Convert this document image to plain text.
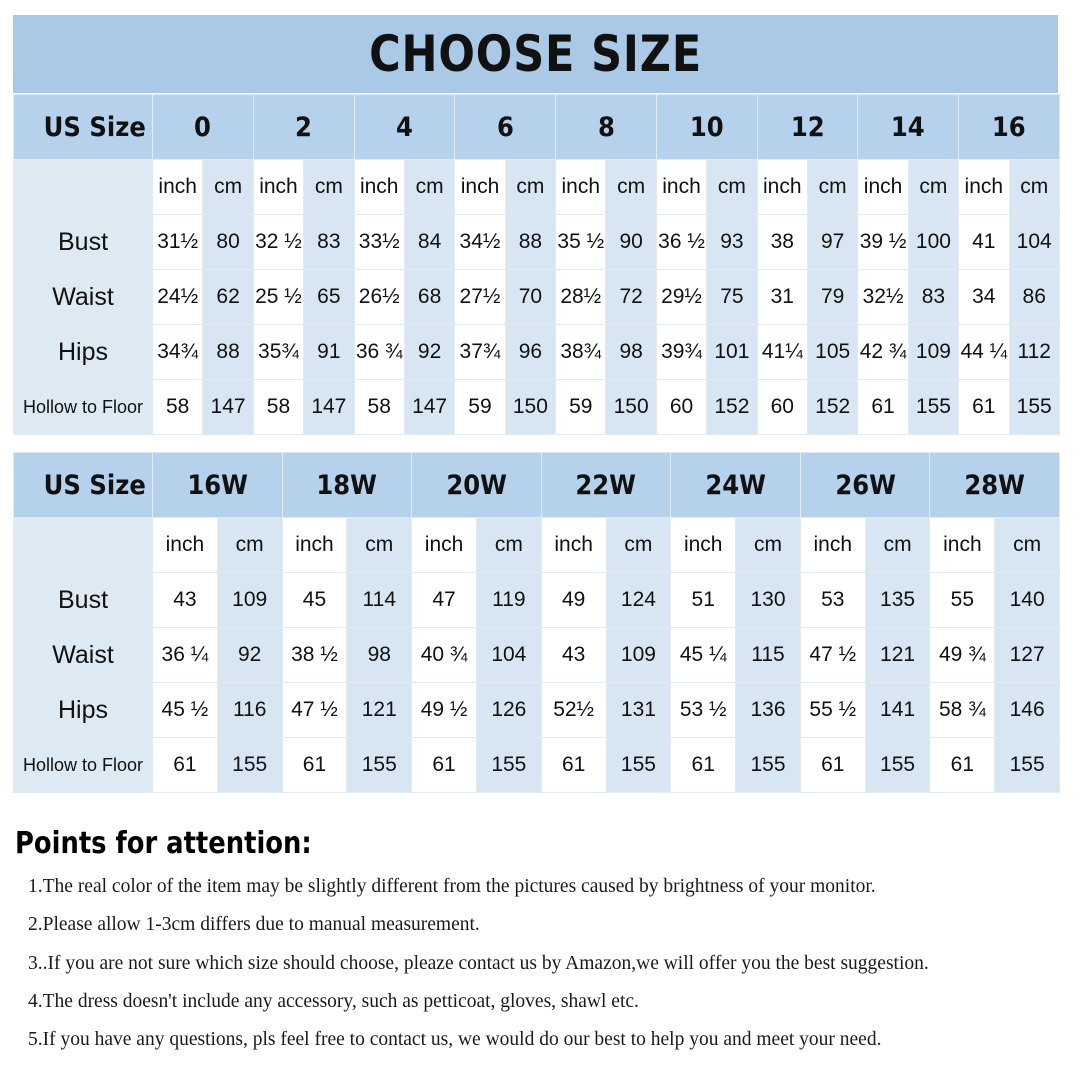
CHOOSE SIZE
US Size	0		2		4		6		8		10		12		14		16	
	inch	cm	inch	cm	inch	cm	inch	cm	inch	cm	inch	cm	inch	cm	inch	cm	inch	cm
Bust	31½	80	32 ½	83	33½	84	34½	88	35 ½	90	36 ½	93	38	97	39 ½	100	41	104
Waist	24½	62	25 ½	65	26½	68	27½	70	28½	72	29½	75	31	79	32½	83	34	86
Hips	34¾	88	35¾	91	36 ¾	92	37¾	96	38¾	98	39¾	101	41¼	105	42 ¾	109	44 ¼	112
Hollow to Floor	58	147	58	147	58	147	59	150	59	150	60	152	60	152	61	155	61	155
US Size	16W		18W		20W		22W		24W		26W		28W	
	inch	cm	inch	cm	inch	cm	inch	cm	inch	cm	inch	cm	inch	cm
Bust	43	109	45	114	47	119	49	124	51	130	53	135	55	140
Waist	36 ¼	92	38 ½	98	40 ¾	104	43	109	45 ¼	115	47 ½	121	49 ¾	127
Hips	45 ½	116	47 ½	121	49 ½	126	52½	131	53 ½	136	55 ½	141	58 ¾	146
Hollow to Floor	61	155	61	155	61	155	61	155	61	155	61	155	61	155
Points for attention:
1.The real color of the item may be slightly different from the pictures caused by brightness of your monitor.
2.Please allow 1-3cm differs due to manual measurement.
3..If you are not sure which size should choose, pleaze contact us by Amazon,we will offer you the best suggestion.
4.The dress doesn't include any accessory, such as petticoat, gloves, shawl etc.
5.If you have any questions, pls feel free to contact us, we would do our best to help you and meet your need.
